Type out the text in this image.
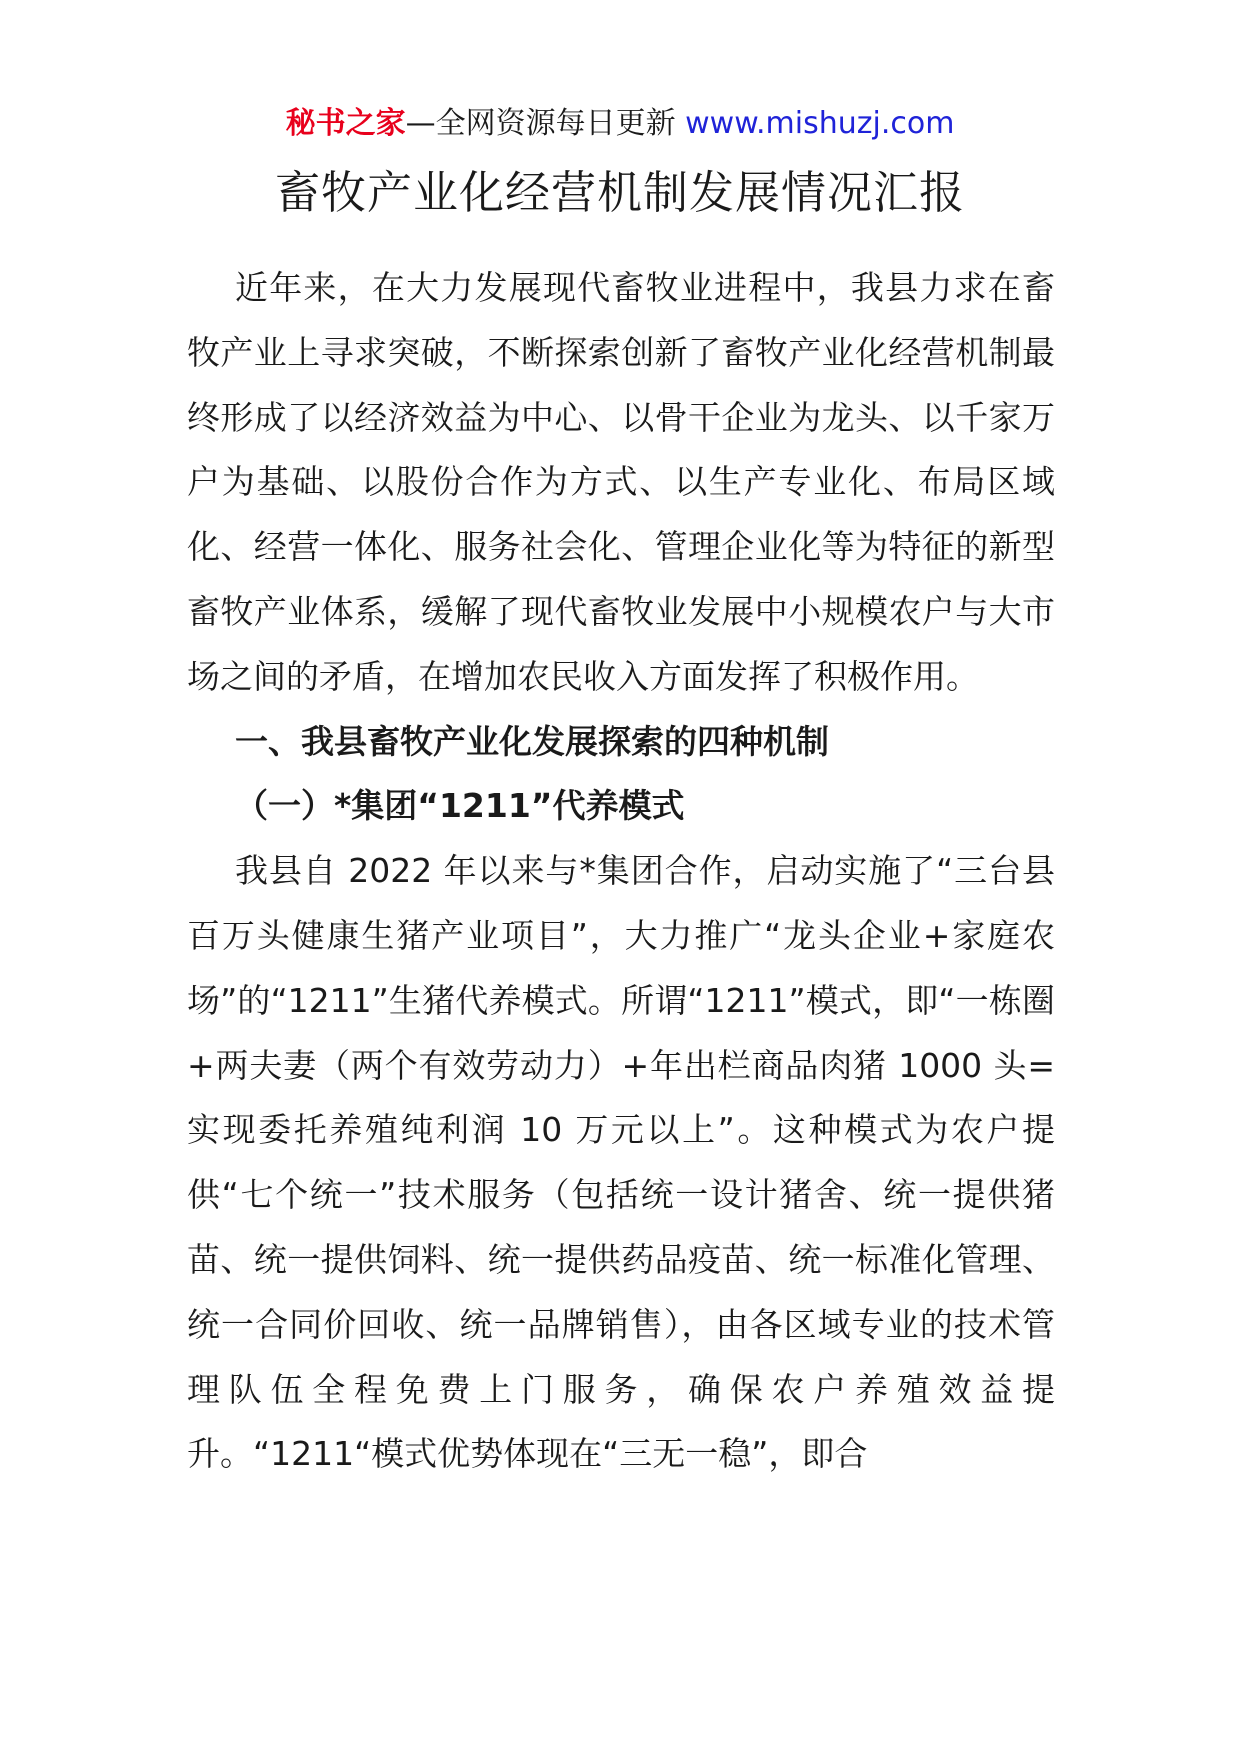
秘书之家—全网资源每日更新 www.mishuzj.com
畜牧产业化经营机制发展情况汇报

近年来，在大力发展现代畜牧业进程中，我县力求在畜牧产业上寻求突破，不断探索创新了畜牧产业化经营机制最终形成了以经济效益为中心、以骨干企业为龙头、以千家万户为基础、以股份合作为方式、以生产专业化、布局区域化、经营一体化、服务社会化、管理企业化等为特征的新型畜牧产业体系，缓解了现代畜牧业发展中小规模农户与大市场之间的矛盾，在增加农民收入方面发挥了积极作用。

一、我县畜牧产业化发展探索的四种机制

（一）*集团“1211”代养模式

我县自 2022 年以来与*集团合作，启动实施了“三台县百万头健康生猪产业项目”，大力推广“龙头企业+家庭农场”的“1211”生猪代养模式。所谓“1211”模式，即“一栋圈+两夫妻（两个有效劳动力）+年出栏商品肉猪 1000 头=实现委托养殖纯利润 10 万元以上”。这种模式为农户提供“七个统一”技术服务（包括统一设计猪舍、统一提供猪苗、统一提供饲料、统一提供药品疫苗、统一标准化管理、统一合同价回收、统一品牌销售），由各区域专业的技术管理队伍全程免费上门服务，确保农户养殖效益提升。“1211“模式优势体现在“三无一稳”，即合
